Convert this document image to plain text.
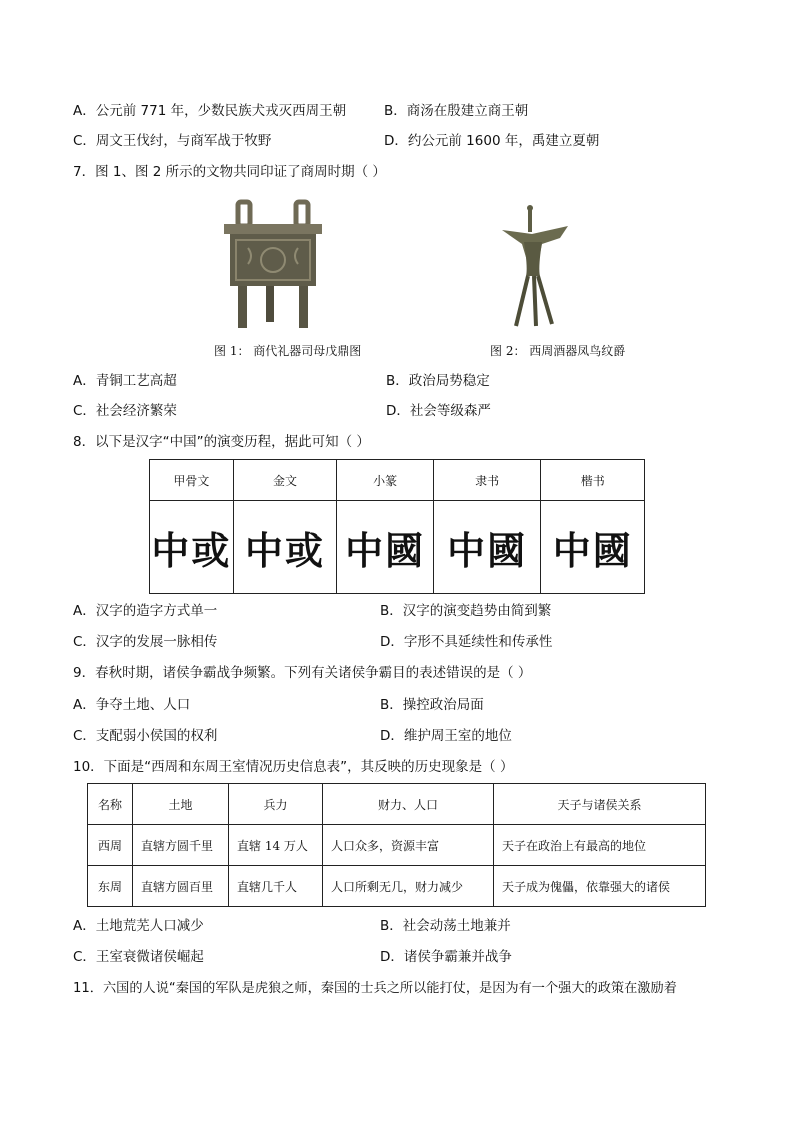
A．公元前 771 年，少数民族犬戎灭西周王朝	B．商汤在殷建立商王朝
C．周文王伐纣，与商军战于牧野	D．约公元前 1600 年，禹建立夏朝
7．图 1、图 2 所示的文物共同印证了商周时期（ ）
图 1： 商代礼器司母戊鼎图	图 2： 西周酒器凤鸟纹爵
A．青铜工艺高超	B．政治局势稳定
C．社会经济繁荣	D．社会等级森严
8．以下是汉字“中国”的演变历程，据此可知（ ）
甲骨文	金文	小篆	隶书	楷书
中或	中或	中國	中國	中國
A．汉字的造字方式单一	B．汉字的演变趋势由简到繁
C．汉字的发展一脉相传	D．字形不具延续性和传承性
9．春秋时期，诸侯争霸战争频繁。下列有关诸侯争霸目的表述错误的是（ ）
A．争夺土地、人口	B．操控政治局面
C．支配弱小侯国的权利	D．维护周王室的地位
10．下面是“西周和东周王室情况历史信息表”，其反映的历史现象是（ ）
名称	土地	兵力	财力、人口	天子与诸侯关系
西周	直辖方圆千里	直辖 14 万人	人口众多，资源丰富	天子在政治上有最高的地位
东周	直辖方圆百里	直辖几千人	人口所剩无几，财力减少	天子成为傀儡，依靠强大的诸侯
A．土地荒芜人口减少	B．社会动荡土地兼并
C．王室衰微诸侯崛起	D．诸侯争霸兼并战争
11．六国的人说“秦国的军队是虎狼之师，秦国的士兵之所以能打仗，是因为有一个强大的政策在激励着
